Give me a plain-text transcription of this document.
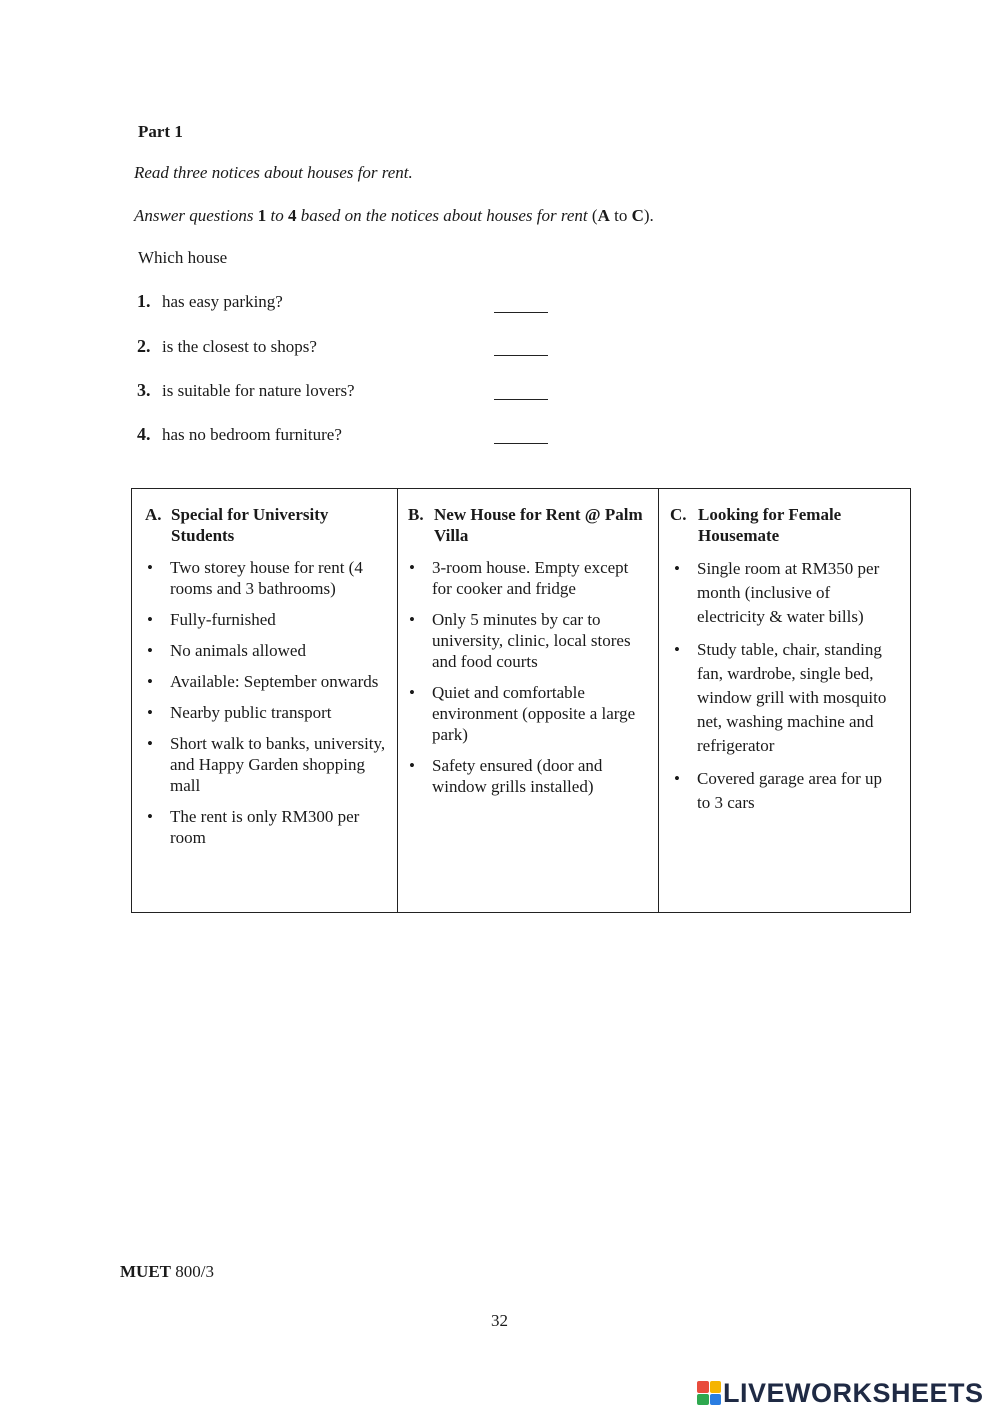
Part 1
Read three notices about houses for rent.
Answer questions 1 to 4 based on the notices about houses for rent (A to C).
Which house
1. has easy parking?
2. is the closest to shops?
3. is suitable for nature lovers?
4. has no bedroom furniture?
A. Special for University Students
• Two storey house for rent (4 rooms and 3 bathrooms)
• Fully-furnished
• No animals allowed
• Available: September onwards
• Nearby public transport
• Short walk to banks, university, and Happy Garden shopping mall
• The rent is only RM300 per room
B. New House for Rent @ Palm Villa
• 3-room house. Empty except for cooker and fridge
• Only 5 minutes by car to university, clinic, local stores and food courts
• Quiet and comfortable environment (opposite a large park)
• Safety ensured (door and window grills installed)
C. Looking for Female Housemate
• Single room at RM350 per month (inclusive of electricity & water bills)
• Study table, chair, standing fan, wardrobe, single bed, window grill with mosquito net, washing machine and refrigerator
• Covered garage area for up to 3 cars
MUET 800/3
32
LIVEWORKSHEETS
